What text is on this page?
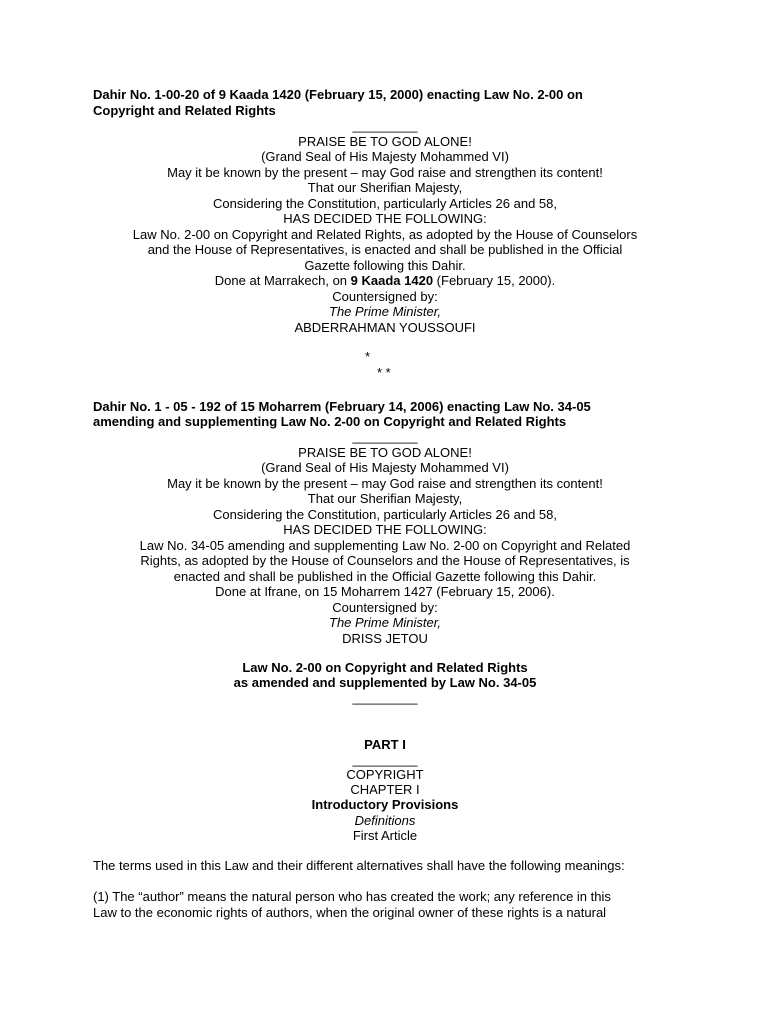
Dahir No. 1-00-20 of 9 Kaada 1420 (February 15, 2000) enacting Law No. 2-00 on
Copyright and Related Rights
_________
PRAISE BE TO GOD ALONE!
(Grand Seal of His Majesty Mohammed VI)
May it be known by the present – may God raise and strengthen its content!
That our Sherifian Majesty,
Considering the Constitution, particularly Articles 26 and 58,
HAS DECIDED THE FOLLOWING:
Law No. 2-00 on Copyright and Related Rights, as adopted by the House of Counselors
and the House of Representatives, is enacted and shall be published in the Official
Gazette following this Dahir.
Done at Marrakech, on 9 Kaada 1420 (February 15, 2000).
Countersigned by:
The Prime Minister,
ABDERRAHMAN YOUSSOUFI
*
* *
Dahir No. 1 ‑ 05 ‑ 192 of 15 Moharrem (February 14, 2006) enacting Law No. 34-05
amending and supplementing Law No. 2-00 on Copyright and Related Rights
_________
PRAISE BE TO GOD ALONE!
(Grand Seal of His Majesty Mohammed VI)
May it be known by the present – may God raise and strengthen its content!
That our Sherifian Majesty,
Considering the Constitution, particularly Articles 26 and 58,
HAS DECIDED THE FOLLOWING:
Law No. 34-05 amending and supplementing Law No. 2-00 on Copyright and Related
Rights, as adopted by the House of Counselors and the House of Representatives, is
enacted and shall be published in the Official Gazette following this Dahir.
Done at Ifrane, on 15 Moharrem 1427 (February 15, 2006).
Countersigned by:
The Prime Minister,
DRISS JETOU
Law No. 2-00 on Copyright and Related Rights
as amended and supplemented by Law No. 34-05
_________
PART I
_________
COPYRIGHT
CHAPTER I
Introductory Provisions
Definitions
First Article
The terms used in this Law and their different alternatives shall have the following meanings:
(1) The “author” means the natural person who has created the work; any reference in this
Law to the economic rights of authors, when the original owner of these rights is a natural
